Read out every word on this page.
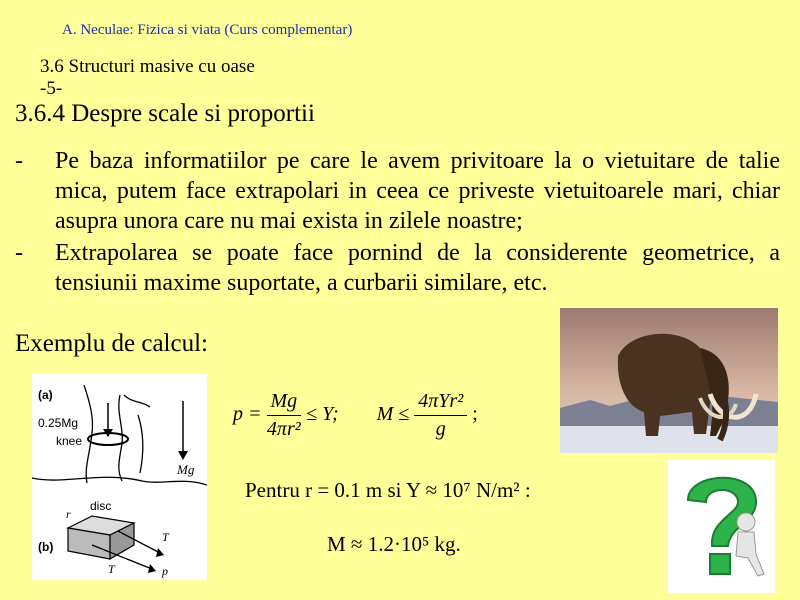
A. Neculae: Fizica si viata (Curs complementar)
3.6 Structuri masive cu oase
-5-
3.6.4 Despre scale si proportii
-	Pe baza informatiilor pe care le avem privitoare la o vietuitare de talie mica, putem face extrapolari in ceea ce priveste vietuitoarele mari, chiar asupra unora care nu mai exista in zilele noastre;
-	Extrapolarea se poate face pornind de la considerente geometrice, a tensiunii maxime suportate, a curbarii similare, etc.
Exemplu de calcul:
(a)
0.25Mg
knee
Mg
disc
r
(b)
T
T	p
$p = \frac{Mg}{\text{4πr²}} \le Y$; $M \le \frac{\text{4πYr²}}{g}$ ;
Pentru r = 0.1 m si Y ≈ 10⁷ N/m² :
M ≈ 1.2·10⁵ kg.
